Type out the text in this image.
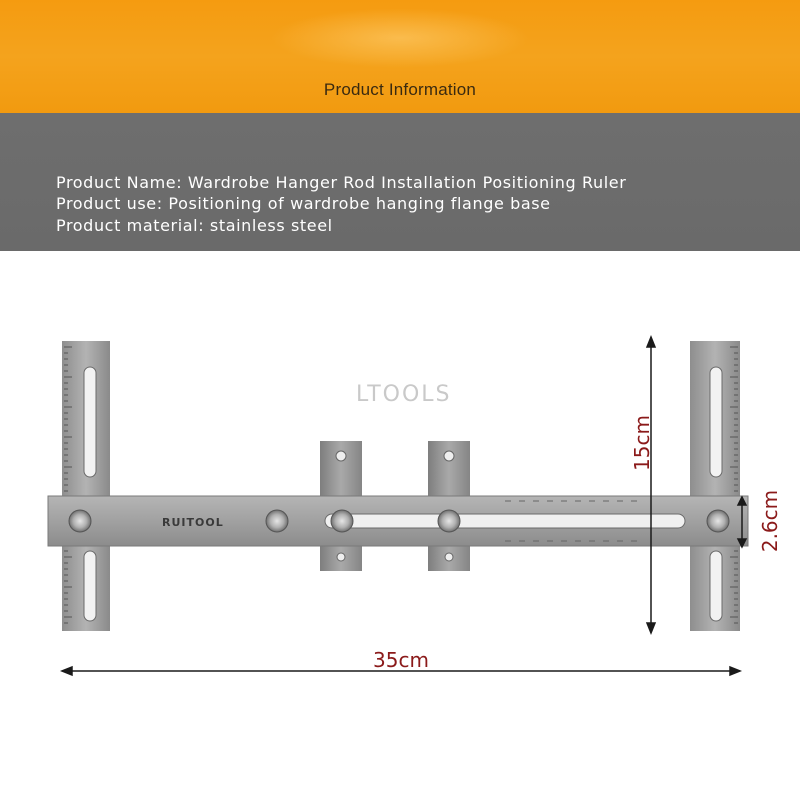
Product Information
Product Name: Wardrobe Hanger Rod Installation Positioning Ruler
Product use: Positioning of wardrobe hanging flange base
Product material: stainless steel
RUITOOL
LTOOLS
35cm
15cm
2.6cm
